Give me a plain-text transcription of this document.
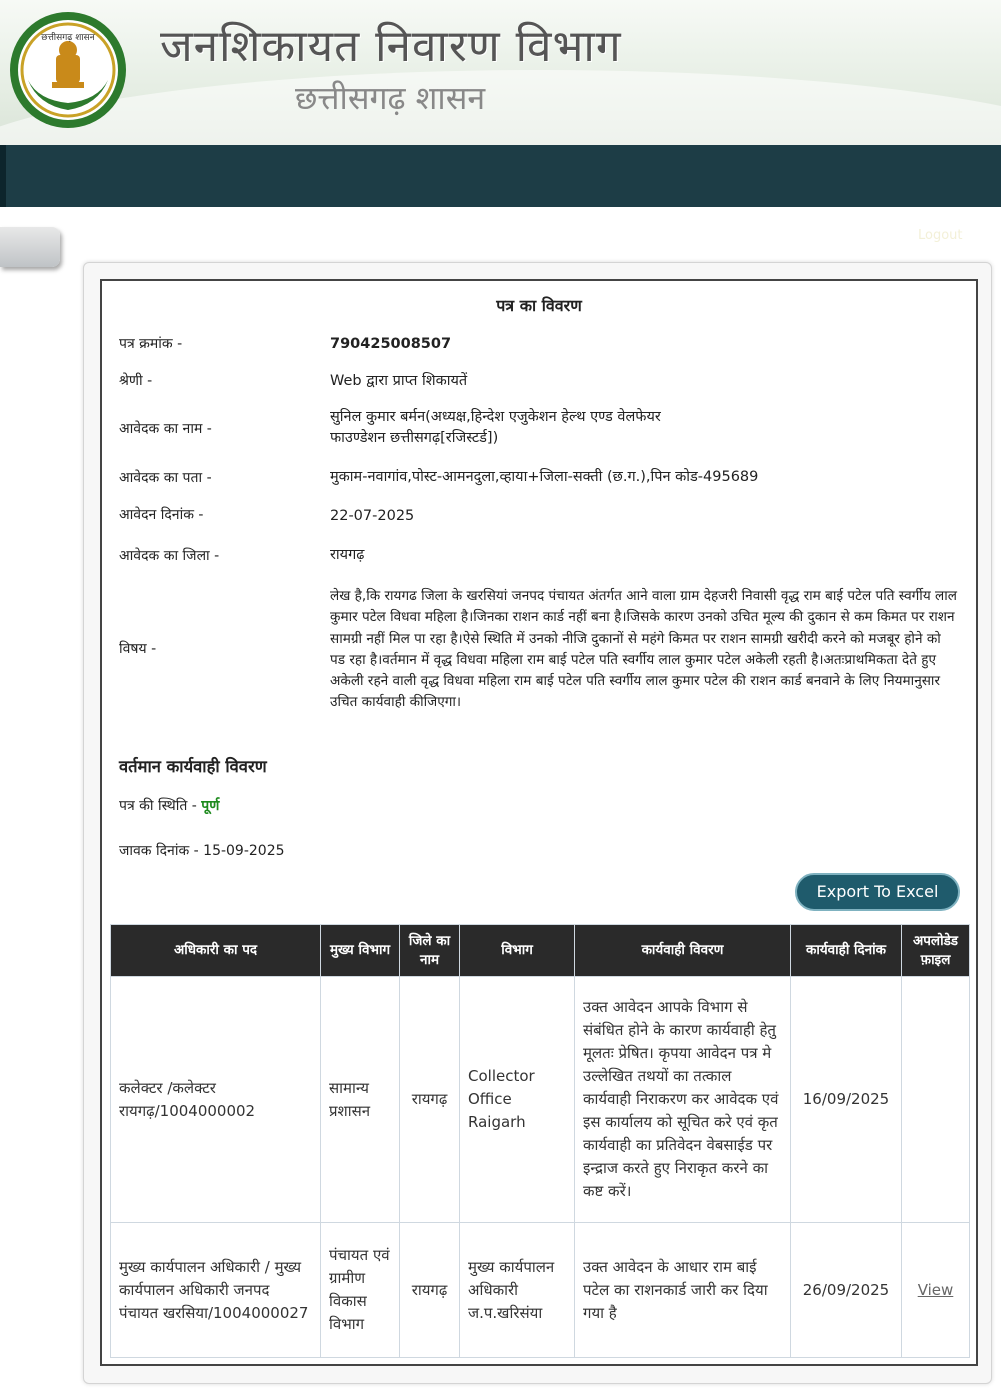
छत्तीसगढ़ शासन जनशिकायत निवारण विभाग
छत्तीसगढ़ शासन
Logout
पत्र का विवरण
पत्र क्रमांक -	790425008507
श्रेणी -	Web द्वारा प्राप्त शिकायतें
आवेदक का नाम -
सुनिल कुमार बर्मन(अध्यक्ष,हिन्देश एजुकेशन हेल्थ एण्ड वेलफेयर फाउण्डेशन छत्तीसगढ़[रजिस्टर्ड])
आवेदक का पता -	मुकाम-नवागांव,पोस्ट-आमनदुला,व्हाया+जिला-सक्ती (छ.ग.),पिन कोड-495689
आवेदन दिनांक -	22-07-2025
आवेदक का जिला -	रायगढ़
विषय -
लेख है,कि रायगढ जिला के खरसियां जनपद पंचायत अंतर्गत आने वाला ग्राम देहजरी निवासी वृद्ध राम बाई पटेल पति स्वर्गीय लाल कुमार पटेल विधवा महिला है।जिनका राशन कार्ड नहीं बना है।जिसके कारण उनको उचित मूल्य की दुकान से कम किमत पर राशन सामग्री नहीं मिल पा रहा है।ऐसे स्थिति में उनको नीजि दुकानों से महंगे किमत पर राशन सामग्री खरीदी करने को मजबूर होने को पड रहा है।वर्तमान में वृद्ध विधवा महिला राम बाई पटेल पति स्वर्गीय लाल कुमार पटेल अकेली रहती है।अतःप्राथमिकता देते हुए अकेली रहने वाली वृद्ध विधवा महिला राम बाई पटेल पति स्वर्गीय लाल कुमार पटेल की राशन कार्ड बनवाने के लिए नियमानुसार उचित कार्यवाही कीजिएगा।
वर्तमान कार्यवाही विवरण
पत्र की स्थिति - पूर्ण
जावक दिनांक - 15-09-2025
Export To Excel
अधिकारी का पद	मुख्य विभाग	जिले का नाम	विभाग	कार्यवाही विवरण	कार्यवाही दिनांक	अपलोडेड फ़ाइल
कलेक्टर /कलेक्टर रायगढ़/1004000002	सामान्य प्रशासन	रायगढ़	Collector Office Raigarh	उक्त आवेदन आपके विभाग से संबंधित होने के कारण कार्यवाही हेतु मूलतः प्रेषित। कृपया आवेदन पत्र मे उल्लेखित तथयों का तत्काल कार्यवाही निराकरण कर आवेदक एवं इस कार्यालय को सूचित करे एवं कृत कार्यवाही का प्रतिवेदन वेबसाईड पर इन्द्राज करते हुए निराकृत करने का कष्ट करें।	16/09/2025	
मुख्य कार्यपालन अधिकारी / मुख्य कार्यपालन अधिकारी जनपद पंचायत खरसिया/1004000027	पंचायत एवं ग्रामीण विकास विभाग	रायगढ़	मुख्य कार्यपालन अधिकारी ज.प.खरिसंया	उक्त आवेदन के आधार राम बाई पटेल का राशनकार्ड जारी कर दिया गया है	26/09/2025	View
